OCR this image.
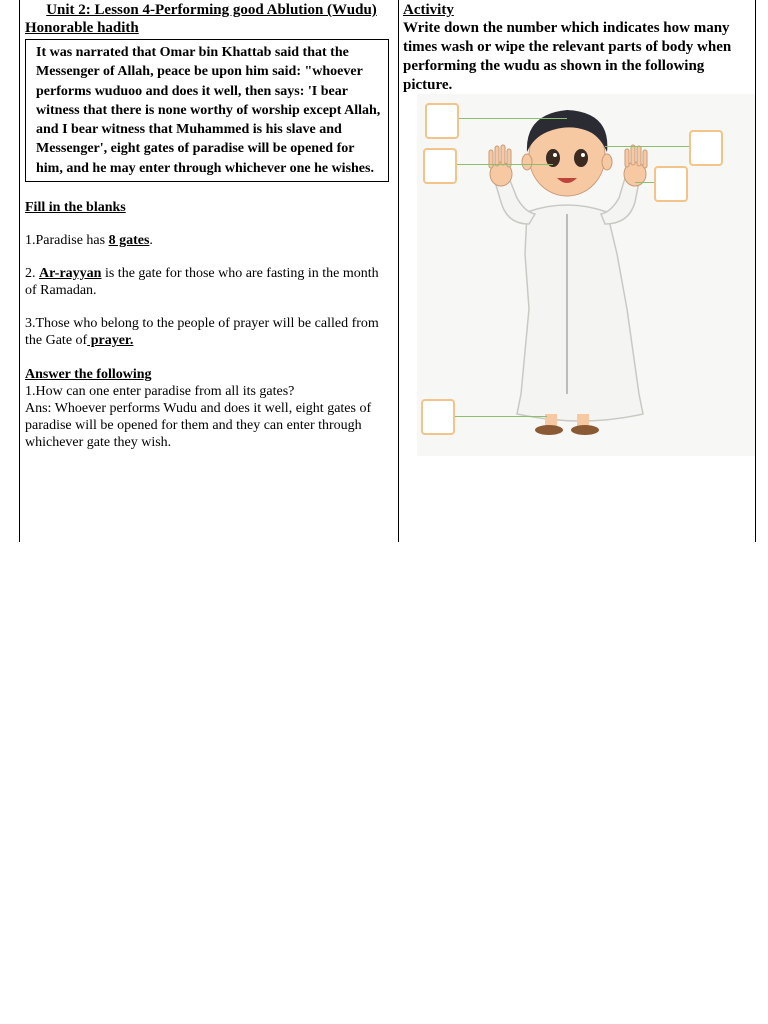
Unit 2: Lesson 4-Performing good Ablution (Wudu)

Honorable hadith

It was narrated that Omar bin Khattab said that the Messenger of Allah, peace be upon him said: "whoever performs wuduoo and does it well, then says: 'I bear witness that there is none worthy of worship except Allah, and I bear witness that Muhammed is his slave and Messenger', eight gates of paradise will be opened for him, and he may enter through whichever one he wishes.
Fill in the blanks
1.Paradise has 8 gates.
2. Ar-rayyan is the gate for those who are fasting in the month of Ramadan.
3.Those who belong to the people of prayer will be called from the Gate of prayer.
Answer the following
1.How can one enter paradise from all its gates?
Ans: Whoever performs Wudu and does it well, eight gates of paradise will be opened for them and they can enter through whichever gate they wish.

Activity

Write down the number which indicates how many times wash or wipe the relevant parts of body when performing the wudu as shown in the following picture.
